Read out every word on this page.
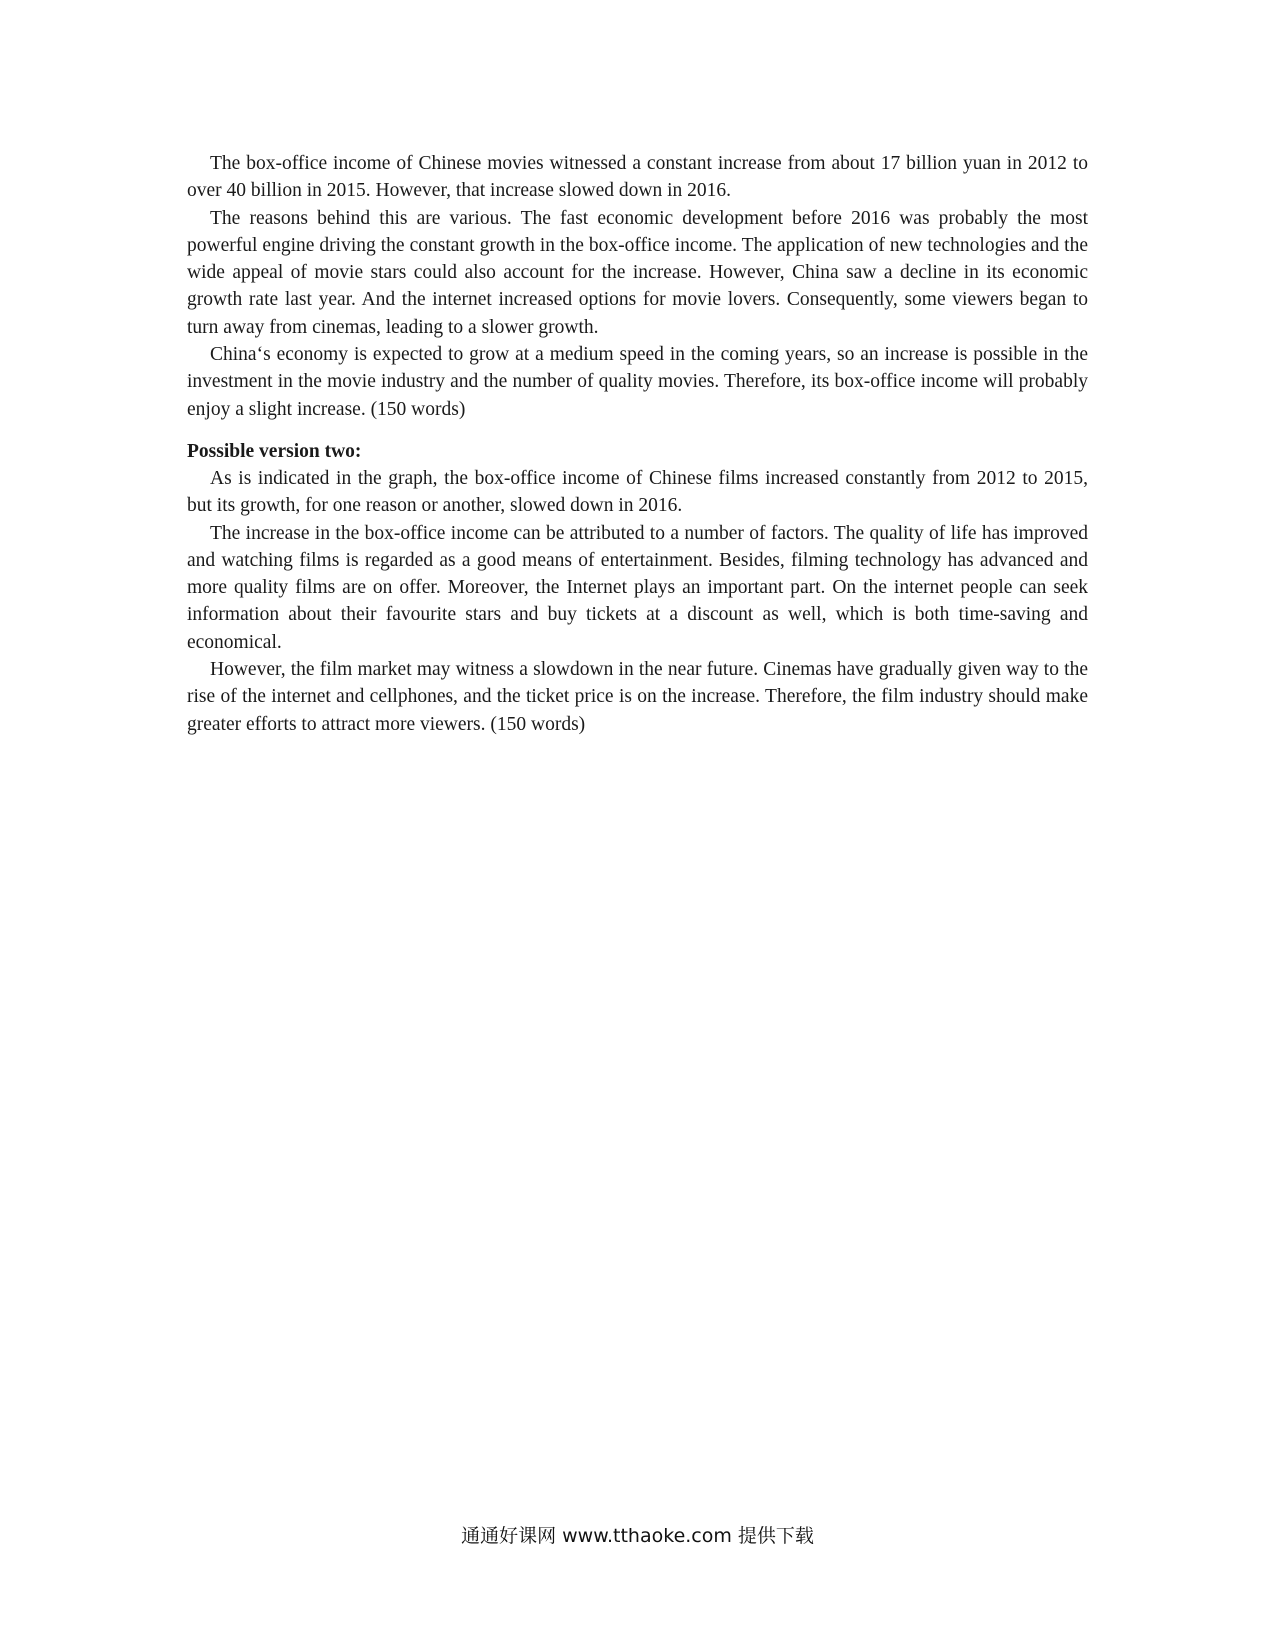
The box-office income of Chinese movies witnessed a constant increase from about 17 billion yuan in 2012 to over 40 billion in 2015. However, that increase slowed down in 2016.

The reasons behind this are various. The fast economic development before 2016 was probably the most powerful engine driving the constant growth in the box-office income. The application of new technologies and the wide appeal of movie stars could also account for the increase. However, China saw a decline in its economic growth rate last year. And the internet increased options for movie lovers. Consequently, some viewers began to turn away from cinemas, leading to a slower growth.

China‘s economy is expected to grow at a medium speed in the coming years, so an increase is possible in the investment in the movie industry and the number of quality movies. Therefore, its box-office income will probably enjoy a slight increase. (150 words)

Possible version two:

As is indicated in the graph, the box-office income of Chinese films increased constantly from 2012 to 2015, but its growth, for one reason or another, slowed down in 2016.

The increase in the box-office income can be attributed to a number of factors. The quality of life has improved and watching films is regarded as a good means of entertainment. Besides, filming technology has advanced and more quality films are on offer. Moreover, the Internet plays an important part. On the internet people can seek information about their favourite stars and buy tickets at a discount as well, which is both time-saving and economical.

However, the film market may witness a slowdown in the near future. Cinemas have gradually given way to the rise of the internet and cellphones, and the ticket price is on the increase. Therefore, the film industry should make greater efforts to attract more viewers. (150 words)

通通好课网 www.tthaoke.com 提供下载
